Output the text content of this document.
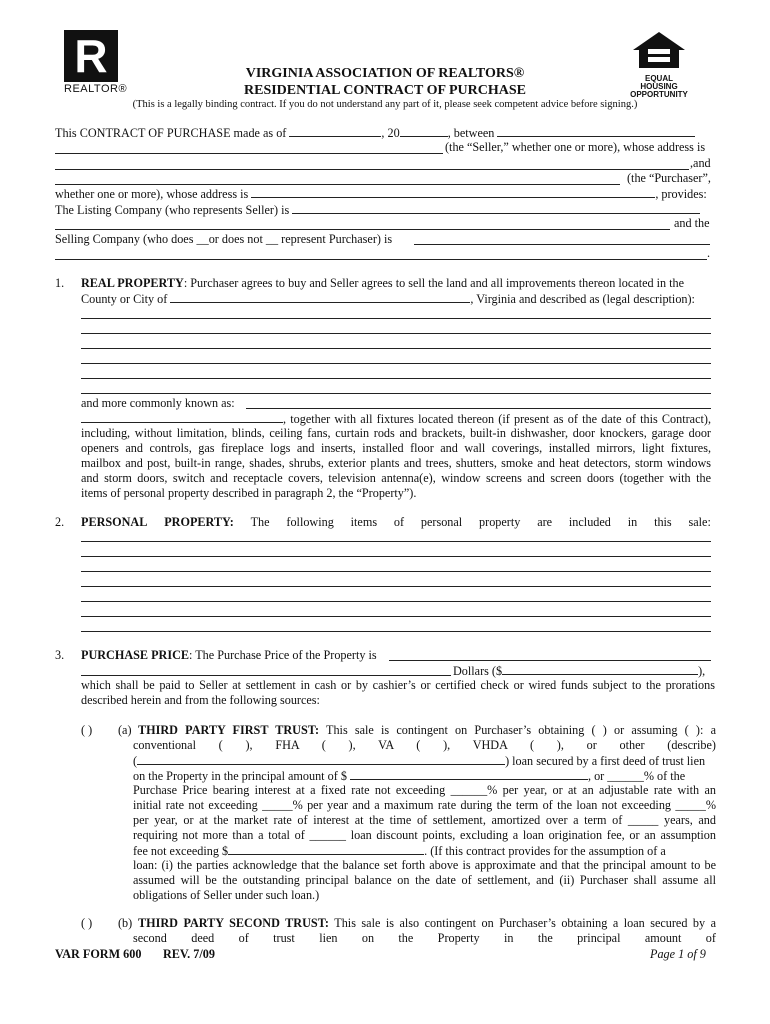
R
REALTOR®
EQUAL HOUSING
OPPORTUNITY
VIRGINIA ASSOCIATION OF REALTORS®
RESIDENTIAL CONTRACT OF PURCHASE
(This is a legally binding contract. If you do not understand any part of it, please seek competent advice before signing.)
This CONTRACT OF PURCHASE made as of	, 20	, between
(the “Seller,” whether one or more), whose address is
,and
(the “Purchaser”,
whether one or more), whose address is	, provides:
The Listing Company (who represents Seller) is
and the
Selling Company (who does __or does not __ represent Purchaser) is
.
1. REAL PROPERTY: Purchaser agrees to buy and Seller agrees to sell the land and all improvements thereon located in the
County or City of	, Virginia and described as (legal description):
and more commonly known as:
, together with all fixtures located thereon (if present as of the date of this Contract),
including, without limitation, blinds, ceiling fans, curtain rods and brackets, built-in dishwasher, door knockers, garage door
openers and controls, gas fireplace logs and inserts, installed floor and wall coverings, installed mirrors, light fixtures,
mailbox and post, built-in range, shades, shrubs, exterior plants and trees, shutters, smoke and heat detectors, storm windows
and storm doors, switch and receptacle covers, television antenna(e), window screens and screen doors (together with the
items of personal property described in paragraph 2, the “Property”).
2. PERSONAL PROPERTY: The following items of personal property are included in this sale:
3. PURCHASE PRICE: The Purchase Price of the Property is
Dollars ($	),
which shall be paid to Seller at settlement in cash or by cashier’s or certified check or wired funds subject to the prorations
described herein and from the following sources:
( ) (a) THIRD PARTY FIRST TRUST: This sale is contingent on Purchaser’s obtaining ( ) or assuming ( ): a
conventional ( ), FHA ( ), VA ( ), VHDA ( ), or other (describe)
(	) loan secured by a first deed of trust lien
on the Property in the principal amount of $	, or ______% of the
Purchase Price bearing interest at a fixed rate not exceeding ______% per year, or at an adjustable rate with an
initial rate not exceeding _____% per year and a maximum rate during the term of the loan not exceeding _____%
per year, or at the market rate of interest at the time of settlement, amortized over a term of _____ years, and
requiring not more than a total of ______ loan discount points, excluding a loan origination fee, or an assumption
fee not exceeding $	. (If this contract provides for the assumption of a
loan: (i) the parties acknowledge that the balance set forth above is approximate and that the principal amount to be
assumed will be the outstanding principal balance on the date of settlement, and (ii) Purchaser shall assume all
obligations of Seller under such loan.)
( ) (b) THIRD PARTY SECOND TRUST: This sale is also contingent on Purchaser’s obtaining a loan secured by a
second deed of trust lien on the Property in the principal amount of
VAR FORM 600 REV. 7/09	Page 1 of 9
